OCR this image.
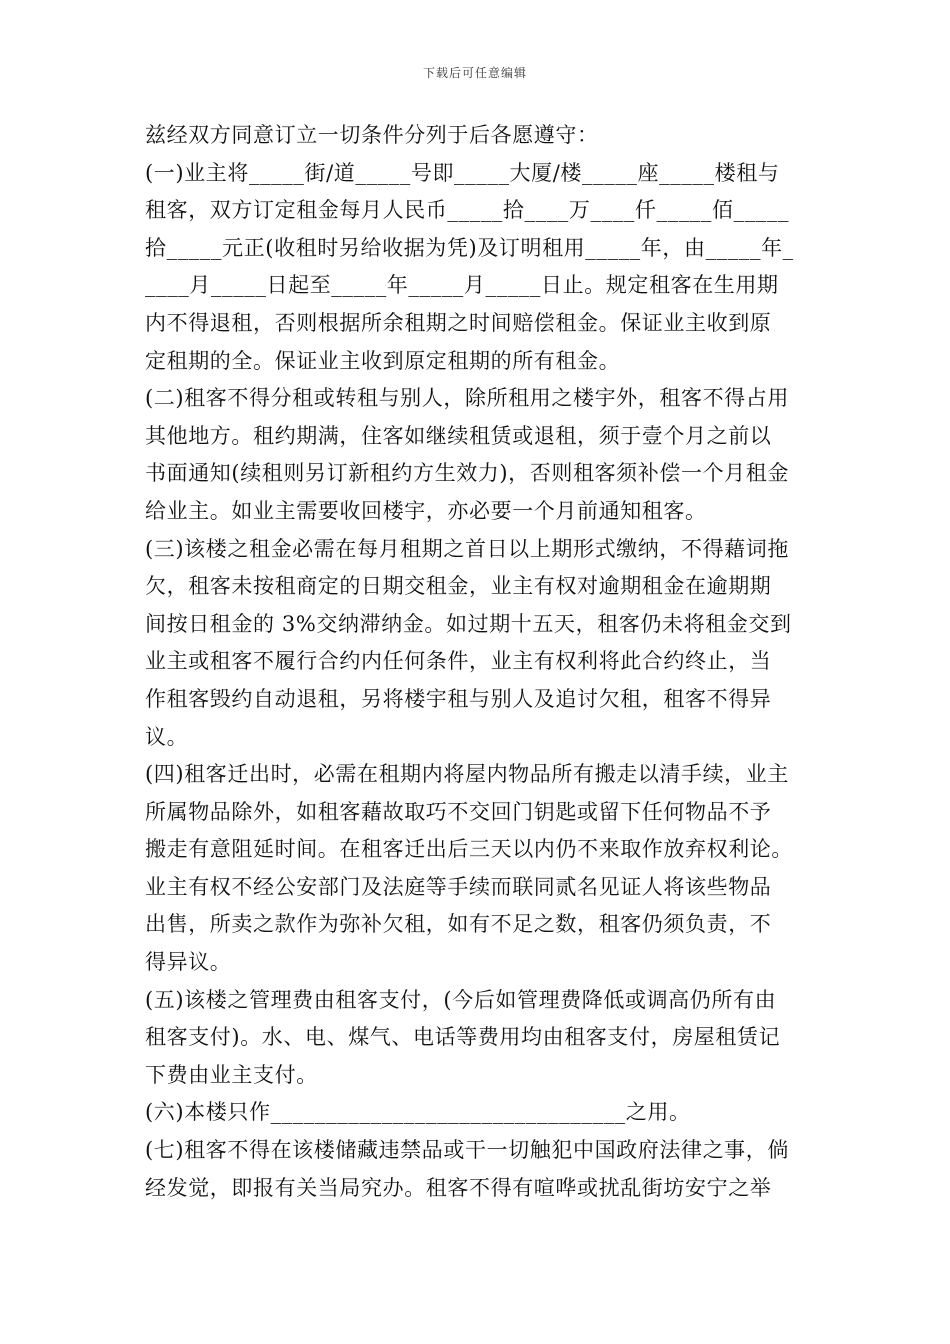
下载后可任意编辑
兹经双方同意订立一切条件分列于后各愿遵守：
(一)业主将_____街/道_____号即_____大厦/楼_____座_____楼租与
租客，双方订定租金每月人民币_____拾____万____仟_____佰_____
拾_____元正(收租时另给收据为凭)及订明租用_____年，由_____年_
____月_____日起至_____年_____月_____日止。规定租客在生用期
内不得退租，否则根据所余租期之时间赔偿租金。保证业主收到原
定租期的全。保证业主收到原定租期的所有租金。
(二)租客不得分租或转租与别人，除所租用之楼宇外，租客不得占用
其他地方。租约期满，住客如继续租赁或退租，须于壹个月之前以
书面通知(续租则另订新租约方生效力)，否则租客须补偿一个月租金
给业主。如业主需要收回楼宇，亦必要一个月前通知租客。
(三)该楼之租金必需在每月租期之首日以上期形式缴纳，不得藉词拖
欠，租客未按租商定的日期交租金，业主有权对逾期租金在逾期期
间按日租金的 3%交纳滞纳金。如过期十五天，租客仍未将租金交到
业主或租客不履行合约内任何条件，业主有权利将此合约终止，当
作租客毁约自动退租，另将楼宇租与别人及追讨欠租，租客不得异
议。
(四)租客迁出时，必需在租期内将屋内物品所有搬走以清手续，业主
所属物品除外，如租客藉故取巧不交回门钥匙或留下任何物品不予
搬走有意阻延时间。在租客迁出后三天以内仍不来取作放弃权利论。
业主有权不经公安部门及法庭等手续而联同贰名见证人将该些物品
出售，所卖之款作为弥补欠租，如有不足之数，租客仍须负责，不
得异议。
(五)该楼之管理费由租客支付，(今后如管理费降低或调高仍所有由
租客支付)。水、电、煤气、电话等费用均由租客支付，房屋租赁记
下费由业主支付。
(六)本楼只作________________________________之用。
(七)租客不得在该楼储藏违禁品或干一切触犯中国政府法律之事，倘
经发觉，即报有关当局究办。租客不得有喧哗或扰乱街坊安宁之举
